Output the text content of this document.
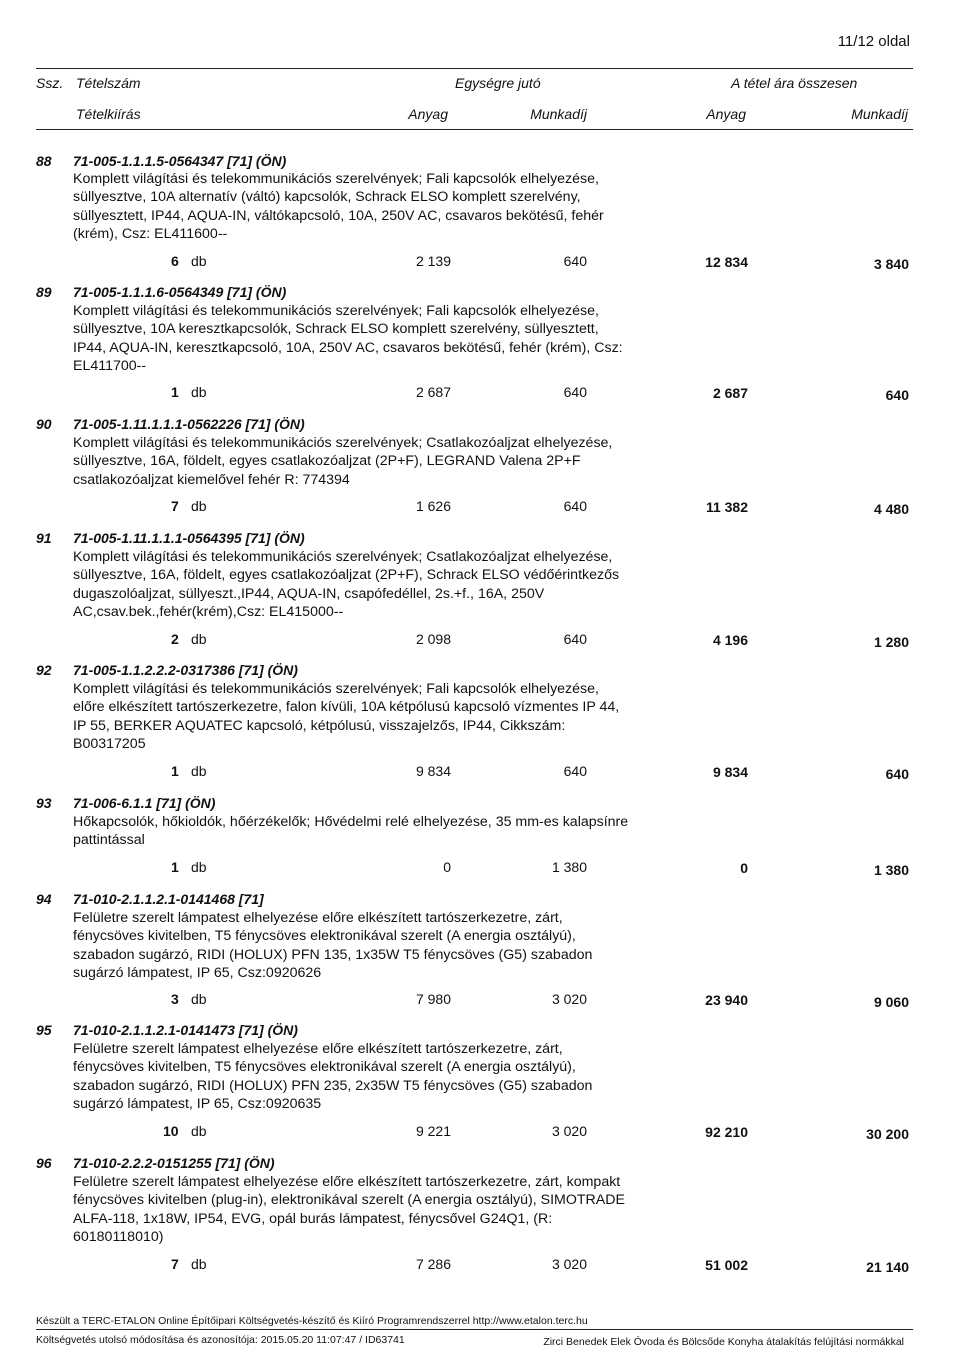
11/12 oldal
Ssz. Tételszám	Egységre jutó	A tétel ára összesen
Tételkiírás	Anyag	Munkadíj	Anyag	Munkadíj
88 71-005-1.1.1.5-0564347 [71] (ÖN)
Komplett világítási és telekommunikációs szerelvények; Fali kapcsolók elhelyezése,
süllyesztve, 10A alternatív (váltó) kapcsolók, Schrack ELSO komplett szerelvény,
süllyesztett, IP44, AQUA-IN, váltókapcsoló, 10A, 250V AC, csavaros bekötésű, fehér
(krém), Csz: EL411600--
6 db	2 139	640	12 834	3 840
89 71-005-1.1.1.6-0564349 [71] (ÖN)
Komplett világítási és telekommunikációs szerelvények; Fali kapcsolók elhelyezése,
süllyesztve, 10A keresztkapcsolók, Schrack ELSO komplett szerelvény, süllyesztett,
IP44, AQUA-IN, keresztkapcsoló, 10A, 250V AC, csavaros bekötésű, fehér (krém), Csz:
EL411700--
1 db	2 687	640	2 687	640
90 71-005-1.11.1.1.1-0562226 [71] (ÖN)
Komplett világítási és telekommunikációs szerelvények; Csatlakozóaljzat elhelyezése,
süllyesztve, 16A, földelt, egyes csatlakozóaljzat (2P+F), LEGRAND Valena 2P+F
csatlakozóaljzat kiemelővel fehér R: 774394
7 db	1 626	640	11 382	4 480
91 71-005-1.11.1.1.1-0564395 [71] (ÖN)
Komplett világítási és telekommunikációs szerelvények; Csatlakozóaljzat elhelyezése,
süllyesztve, 16A, földelt, egyes csatlakozóaljzat (2P+F), Schrack ELSO védőérintkezős
dugaszolóaljzat, süllyeszt.,IP44, AQUA-IN, csapófedéllel, 2s.+f., 16A, 250V
AC,csav.bek.,fehér(krém),Csz: EL415000--
2 db	2 098	640	4 196	1 280
92 71-005-1.1.2.2.2-0317386 [71] (ÖN)
Komplett világítási és telekommunikációs szerelvények; Fali kapcsolók elhelyezése,
előre elkészített tartószerkezetre, falon kívüli, 10A kétpólusú kapcsoló vízmentes IP 44,
IP 55, BERKER AQUATEC kapcsoló, kétpólusú, visszajelzős, IP44, Cikkszám:
B00317205
1 db	9 834	640	9 834	640
93 71-006-6.1.1 [71] (ÖN)
Hőkapcsolók, hőkioldók, hőérzékelők; Hővédelmi relé elhelyezése, 35 mm-es kalapsínre
pattintással
1 db	0	1 380	0	1 380
94 71-010-2.1.1.2.1-0141468 [71]
Felületre szerelt lámpatest elhelyezése előre elkészített tartószerkezetre, zárt,
fénycsöves kivitelben, T5 fénycsöves elektronikával szerelt (A energia osztályú),
szabadon sugárzó, RIDI (HOLUX) PFN 135, 1x35W T5 fénycsöves (G5) szabadon
sugárzó lámpatest, IP 65, Csz:0920626
3 db	7 980	3 020	23 940	9 060
95 71-010-2.1.1.2.1-0141473 [71] (ÖN)
Felületre szerelt lámpatest elhelyezése előre elkészített tartószerkezetre, zárt,
fénycsöves kivitelben, T5 fénycsöves elektronikával szerelt (A energia osztályú),
szabadon sugárzó, RIDI (HOLUX) PFN 235, 2x35W T5 fénycsöves (G5) szabadon
sugárzó lámpatest, IP 65, Csz:0920635
10 db	9 221	3 020	92 210	30 200
96 71-010-2.2.2-0151255 [71] (ÖN)
Felületre szerelt lámpatest elhelyezése előre elkészített tartószerkezetre, zárt, kompakt
fénycsöves kivitelben (plug-in), elektronikával szerelt (A energia osztályú), SIMOTRADE
ALFA-118, 1x18W, IP54, EVG, opál burás lámpatest, fénycsővel G24Q1, (R:
60180118010)
7 db	7 286	3 020	51 002	21 140
Készült a TERC-ETALON Online Építőipari Költségvetés-készítő és Kiíró Programrendszerrel http://www.etalon.terc.hu
Költségvetés utolsó módosítása és azonosítója: 2015.05.20 11:07:47 / ID63741	Zirci Benedek Elek Óvoda és Bölcsőde Konyha átalakítás felújítási normákkal
